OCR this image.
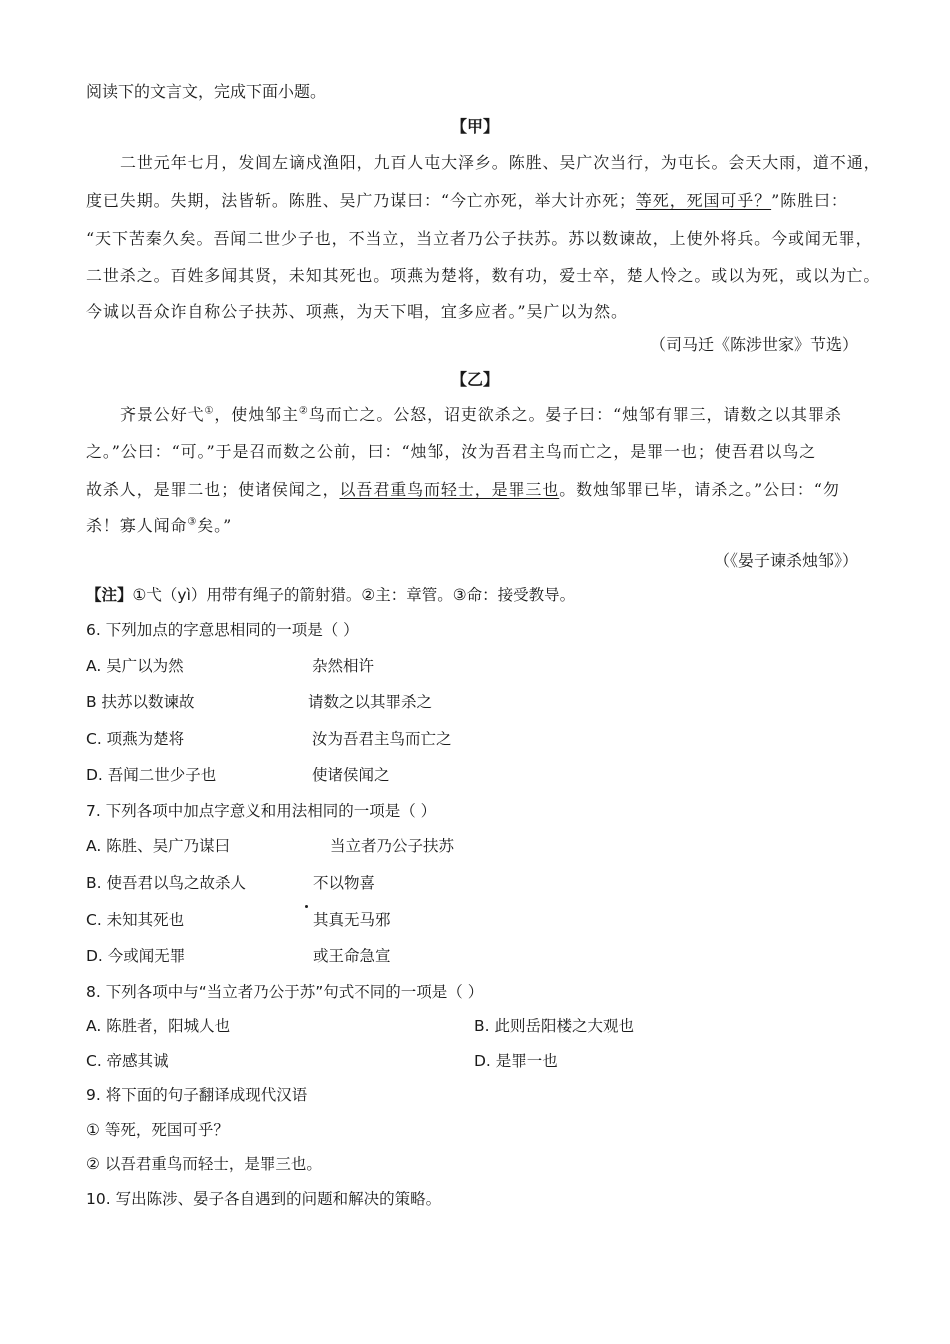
阅读下的文言文，完成下面小题。
【甲】
二世元年七月，发闾左谪戍渔阳，九百人屯大泽乡。陈胜、吴广次当行，为屯长。会天大雨，道不通，
度已失期。失期，法皆斩。陈胜、吴广乃谋曰：“今亡亦死，举大计亦死；等死，死国可乎？”陈胜曰：
“天下苦秦久矣。吾闻二世少子也，不当立，当立者乃公子扶苏。苏以数谏故，上使外将兵。今或闻无罪，
二世杀之。百姓多闻其贤，未知其死也。项燕为楚将，数有功，爱士卒，楚人怜之。或以为死，或以为亡。
今诚以吾众诈自称公子扶苏、项燕，为天下唱，宜多应者。”吴广以为然。
（司马迁《陈涉世家》节选）
【乙】
齐景公好弋①，使烛邹主②鸟而亡之。公怒，诏吏欲杀之。晏子曰：“烛邹有罪三，请数之以其罪杀
之。”公曰：“可。”于是召而数之公前，曰：“烛邹，汝为吾君主鸟而亡之，是罪一也；使吾君以鸟之
故杀人，是罪二也；使诸侯闻之，以吾君重鸟而轻士，是罪三也。数烛邹罪已毕，请杀之。”公曰：“勿
杀！寡人闻命③矣。”
（《晏子谏杀烛邹》）
【注】①弋（yì）用带有绳子的箭射猎。②主：章管。③命：接受教导。
6. 下列加点的字意思相同的一项是（ ）
A. 吴广以为然	杂然相许
B 扶苏以数谏故	请数之以其罪杀之
C. 项燕为楚将	汝为吾君主鸟而亡之
D. 吾闻二世少子也	使诸侯闻之
7. 下列各项中加点字意义和用法相同的一项是（ ）
A. 陈胜、吴广乃谋曰	当立者乃公子扶苏
B. 使吾君以鸟之故杀人	不以物喜
C. 未知其死也	其真无马邪
D. 今或闻无罪	或王命急宣
8. 下列各项中与“当立者乃公于苏”句式不同的一项是（ ）
A. 陈胜者，阳城人也	B. 此则岳阳楼之大观也
C. 帝感其诚	D. 是罪一也
9. 将下面的句子翻译成现代汉语
① 等死，死国可乎？
② 以吾君重鸟而轻士，是罪三也。
10. 写出陈涉、晏子各自遇到的问题和解决的策略。
